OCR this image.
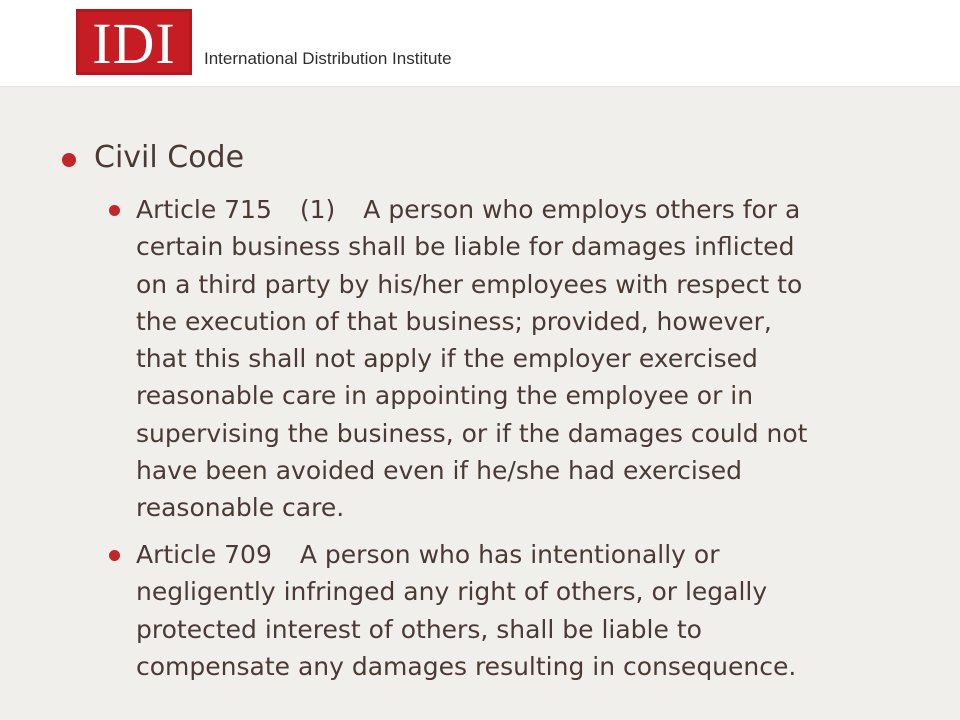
IDI International Distribution Institute
Civil Code
Article 715 (1) A person who employs others for a
certain business shall be liable for damages inflicted
on a third party by his/her employees with respect to
the execution of that business; provided, however,
that this shall not apply if the employer exercised
reasonable care in appointing the employee or in
supervising the business, or if the damages could not
have been avoided even if he/she had exercised
reasonable care.
Article 709 A person who has intentionally or
negligently infringed any right of others, or legally
protected interest of others, shall be liable to
compensate any damages resulting in consequence.
